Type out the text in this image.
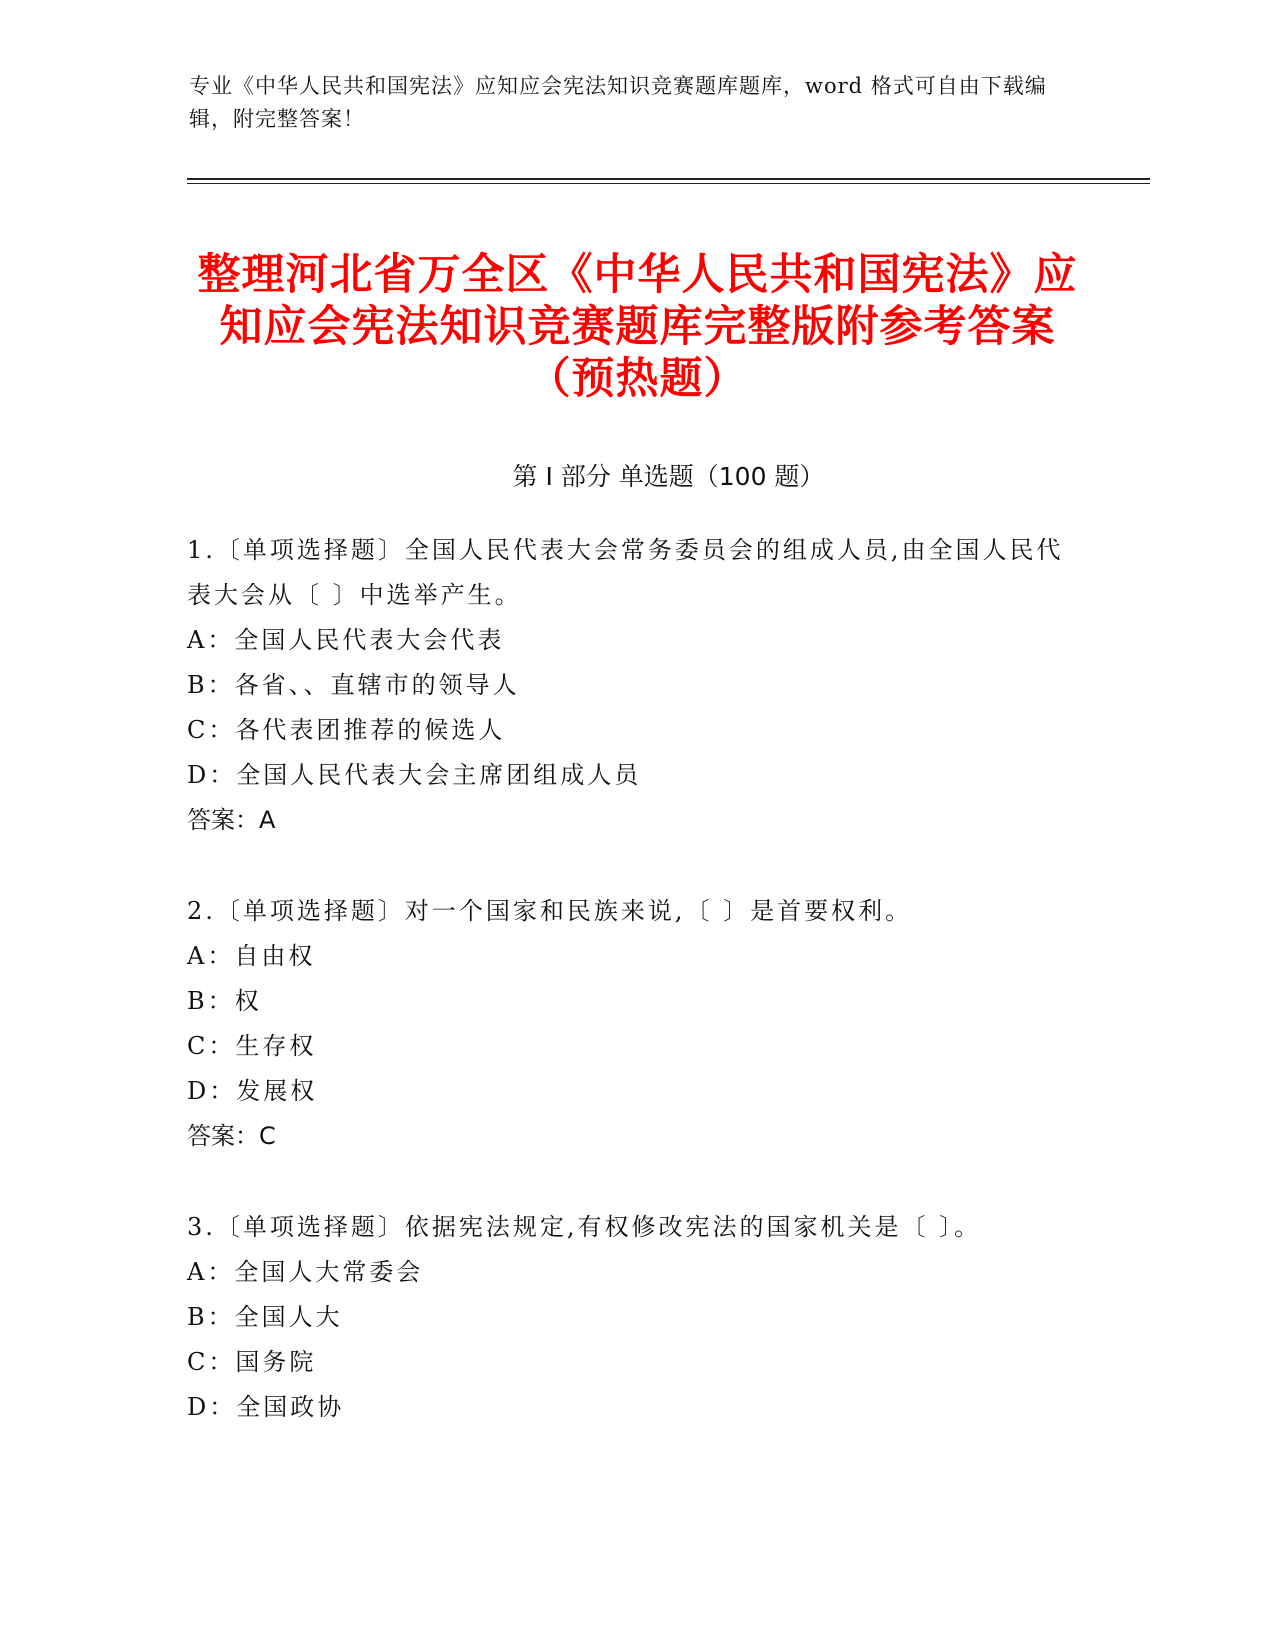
专业《中华人民共和国宪法》应知应会宪法知识竞赛题库题库，word 格式可自由下载编辑，附完整答案！
整理河北省万全区《中华人民共和国宪法》应知应会宪法知识竞赛题库完整版附参考答案（预热题）
第 I 部分 单选题（100 题）
1.〔单项选择题〕全国人民代表大会常务委员会的组成人员,由全国人民代表大会从〔 〕中选举产生。
A：全国人民代表大会代表
B：各省、、直辖市的领导人
C：各代表团推荐的候选人
D：全国人民代表大会主席团组成人员
答案：A
2.〔单项选择题〕对一个国家和民族来说,〔 〕是首要权利。
A：自由权
B：权
C：生存权
D：发展权
答案：C
3.〔单项选择题〕依据宪法规定,有权修改宪法的国家机关是〔 〕。
A：全国人大常委会
B：全国人大
C：国务院
D：全国政协
